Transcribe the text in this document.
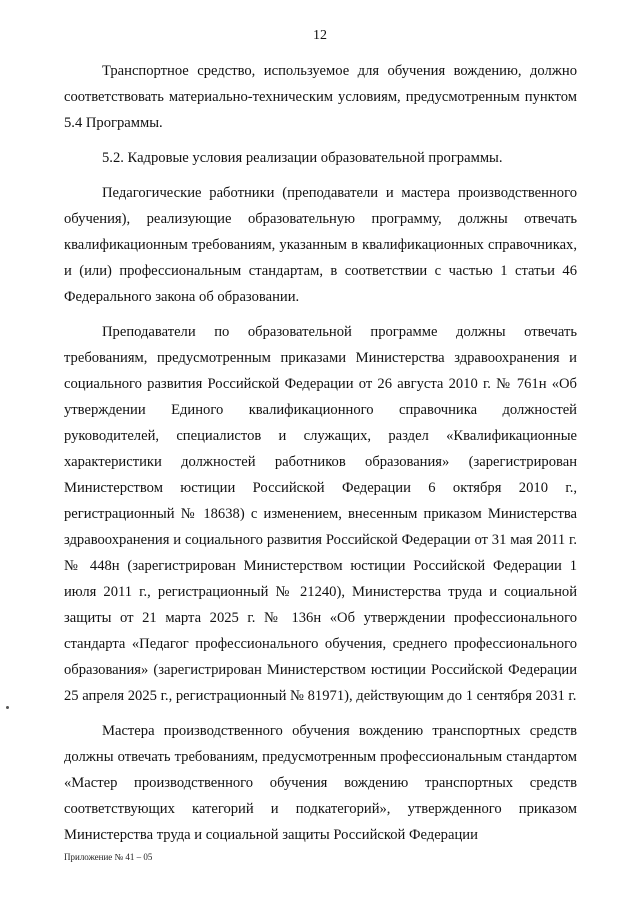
12

Транспортное средство, используемое для обучения вождению, должно соответствовать материально-техническим условиям, предусмотренным пунктом 5.4 Программы.

5.2. Кадровые условия реализации образовательной программы.

Педагогические работники (преподаватели и мастера производственного обучения), реализующие образовательную программу, должны отвечать квалификационным требованиям, указанным в квалификационных справочниках, и (или) профессиональным стандартам, в соответствии с частью 1 статьи 46 Федерального закона об образовании.

Преподаватели по образовательной программе должны отвечать требованиям, предусмотренным приказами Министерства здравоохранения и социального развития Российской Федерации от 26 августа 2010 г. № 761н «Об утверждении Единого квалификационного справочника должностей руководителей, специалистов и служащих, раздел «Квалификационные характеристики должностей работников образования» (зарегистрирован Министерством юстиции Российской Федерации 6 октября 2010 г., регистрационный № 18638) с изменением, внесенным приказом Министерства здравоохранения и социального развития Российской Федерации от 31 мая 2011 г. № 448н (зарегистрирован Министерством юстиции Российской Федерации 1 июля 2011 г., регистрационный № 21240), Министерства труда и социальной защиты от 21 марта 2025 г. № 136н «Об утверждении профессионального стандарта «Педагог профессионального обучения, среднего профессионального образования» (зарегистрирован Министерством юстиции Российской Федерации 25 апреля 2025 г., регистрационный № 81971), действующим до 1 сентября 2031 г.

Мастера производственного обучения вождению транспортных средств должны отвечать требованиям, предусмотренным профессиональным стандартом «Мастер производственного обучения вождению транспортных средств соответствующих категорий и подкатегорий», утвержденного приказом Министерства труда и социальной защиты Российской Федерации

Приложение № 41 – 05
